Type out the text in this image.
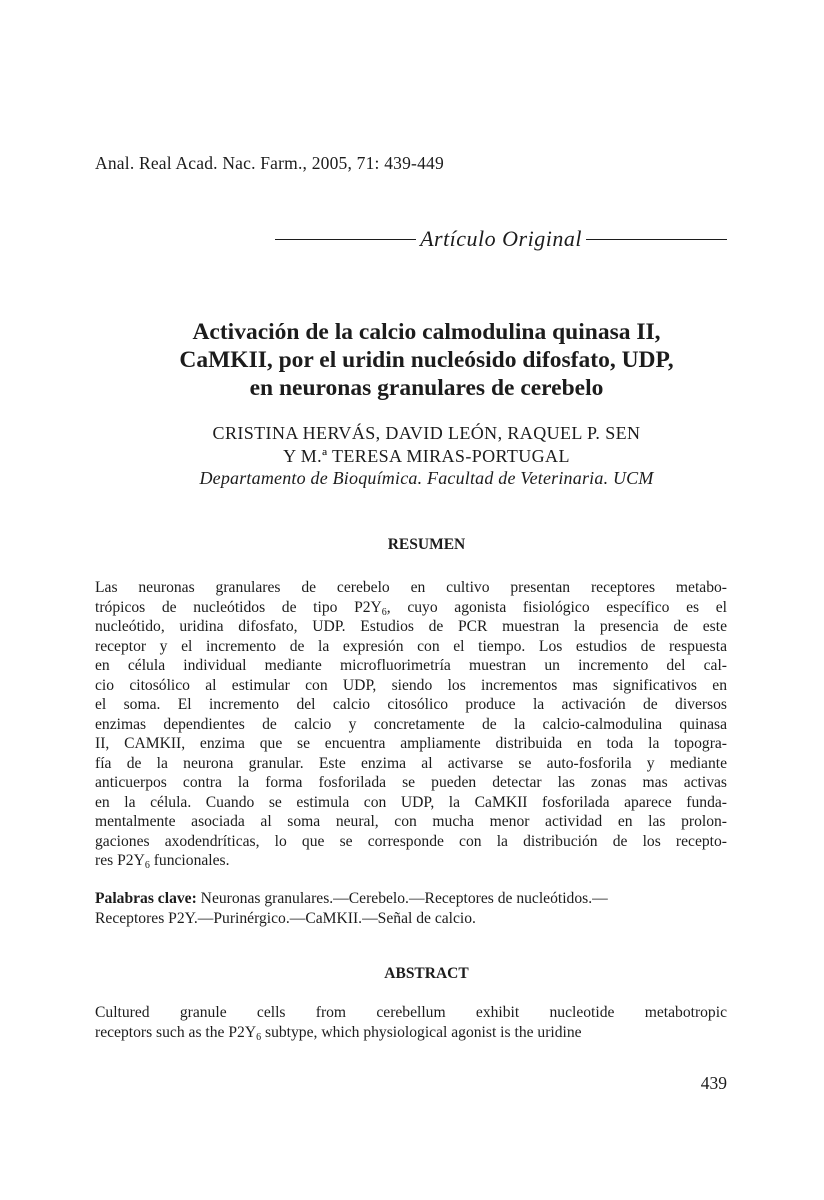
Anal. Real Acad. Nac. Farm., 2005, 71: 439-449
Artículo Original
Activación de la calcio calmodulina quinasa II,
CaMKII, por el uridin nucleósido difosfato, UDP,
en neuronas granulares de cerebelo
CRISTINA HERVÁS, DAVID LEÓN, RAQUEL P. SEN
Y M.ª TERESA MIRAS-PORTUGAL
Departamento de Bioquímica. Facultad de Veterinaria. UCM
RESUMEN
Las neuronas granulares de cerebelo en cultivo presentan receptores metabo-
trópicos de nucleótidos de tipo $P2Y_6$, cuyo agonista fisiológico específico es el
nucleótido, uridina difosfato, UDP. Estudios de PCR muestran la presencia de este
receptor y el incremento de la expresión con el tiempo. Los estudios de respuesta
en célula individual mediante microfluorimetría muestran un incremento del cal-
cio citosólico al estimular con UDP, siendo los incrementos mas significativos en
el soma. El incremento del calcio citosólico produce la activación de diversos
enzimas dependientes de calcio y concretamente de la calcio-calmodulina quinasa
II, CAMKII, enzima que se encuentra ampliamente distribuida en toda la topogra-
fía de la neurona granular. Este enzima al activarse se auto-fosforila y mediante
anticuerpos contra la forma fosforilada se pueden detectar las zonas mas activas
en la célula. Cuando se estimula con UDP, la CaMKII fosforilada aparece funda-
mentalmente asociada al soma neural, con mucha menor actividad en las prolon-
gaciones axodendríticas, lo que se corresponde con la distribución de los recepto-
res $P2Y_6$ funcionales.
Palabras clave: Neuronas granulares.—Cerebelo.—Receptores de nucleótidos.—
Receptores P2Y.—Purinérgico.—CaMKII.—Señal de calcio.
ABSTRACT
Cultured granule cells from cerebellum exhibit nucleotide metabotropic
receptors such as the $P2Y_6$ subtype, which physiological agonist is the uridine
439
